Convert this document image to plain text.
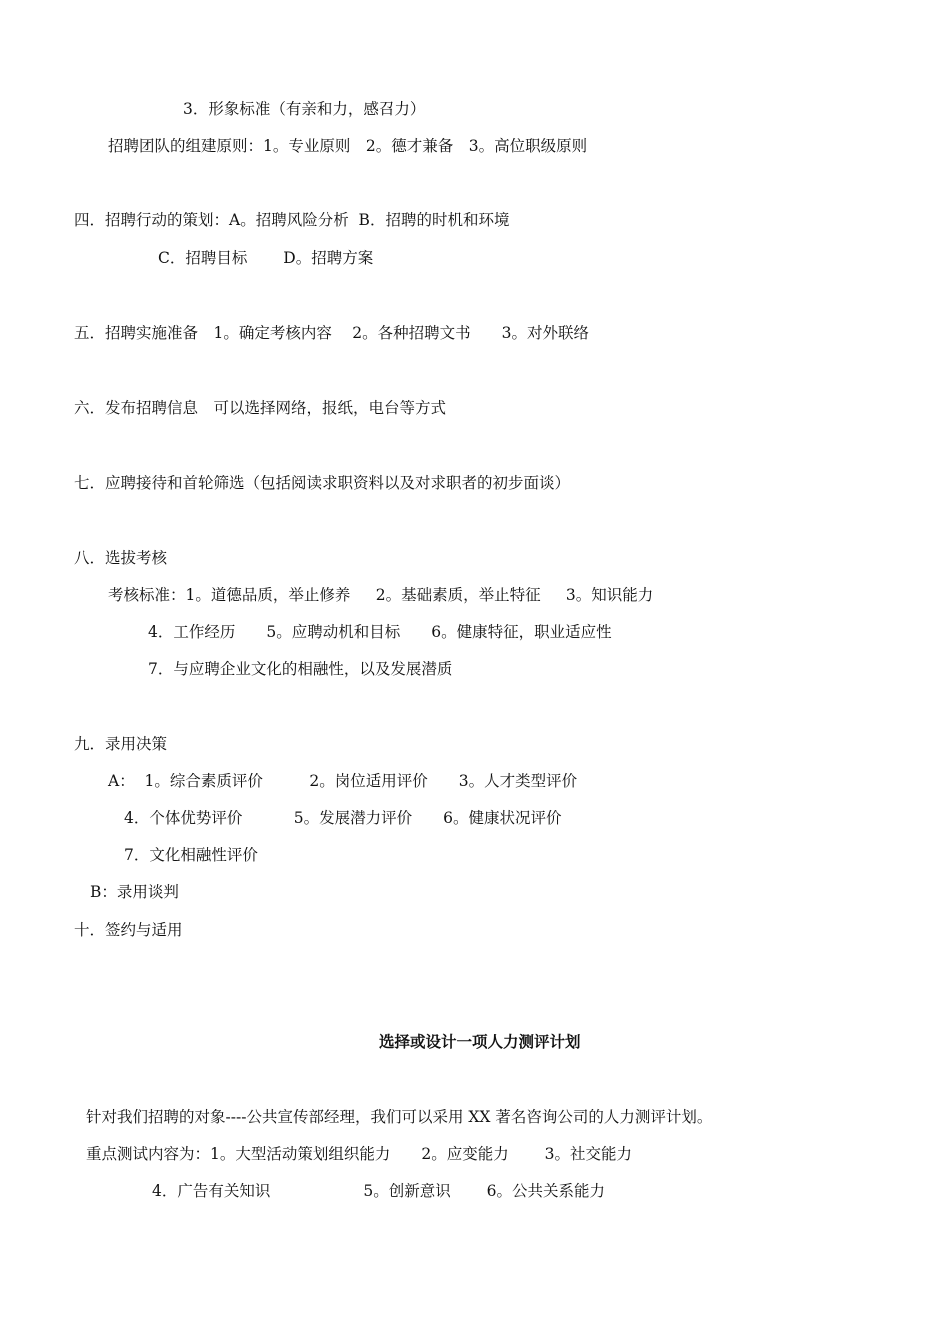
3．形象标准（有亲和力，感召力）

招聘团队的组建原则：1。专业原则　2。德才兼备　3。高位职级原则

四．招聘行动的策划：A。招聘风险分析  B．招聘的时机和环境

C．招聘目标　　 D。招聘方案

五．招聘实施准备　1。确定考核内容　 2。各种招聘文书　　3。对外联络

六．发布招聘信息　可以选择网络，报纸，电台等方式

七．应聘接待和首轮筛选（包括阅读求职资料以及对求职者的初步面谈）

八．选拔考核

考核标准：1。道德品质，举止修养　  2。基础素质，举止特征　  3。知识能力

4．工作经历　　5。应聘动机和目标　　6。健康特征，职业适应性

7．与应聘企业文化的相融性，以及发展潜质

九．录用决策

A：  1。综合素质评价　　　2。岗位适用评价　　3。人才类型评价

4．个体优势评价　　　 5。发展潜力评价　　6。健康状况评价

7．文化相融性评价

B：录用谈判

十．签约与适用

选择或设计一项人力测评计划

针对我们招聘的对象----公共宣传部经理，我们可以采用 XX 著名咨询公司的人力测评计划。

重点测试内容为：1。大型活动策划组织能力　　2。应变能力　　 3。社交能力

4．广告有关知识　　　　　　5。创新意识　　 6。公共关系能力
